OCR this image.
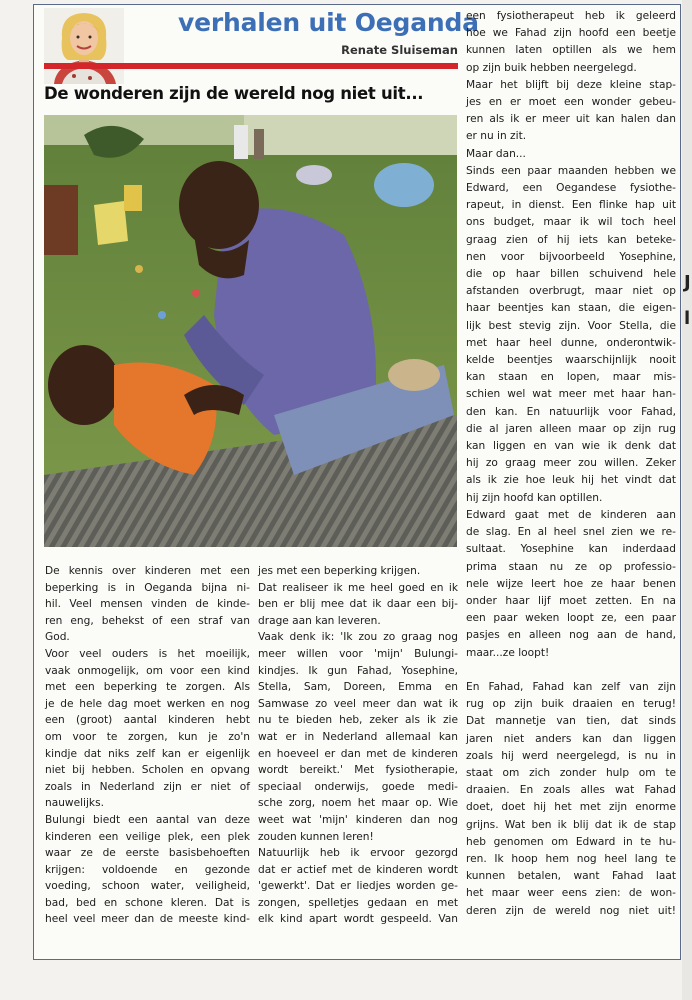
J
l
verhalen uit Oeganda
Renate Sluiseman
De wonderen zijn de wereld nog niet uit...

De kennis over kinderen met een

beperking is in Oeganda bijna ni-

hil. Veel mensen vinden de kinde-

ren eng, behekst of een straf van

God.

Voor veel ouders is het moeilijk,

vaak onmogelijk, om voor een kind

met een beperking te zorgen. Als

je de hele dag moet werken en nog

een (groot) aantal kinderen hebt

om voor te zorgen, kun je zo'n

kindje dat niks zelf kan er eigenlijk

niet bij hebben. Scholen en opvang

zoals in Nederland zijn er niet of

nauwelijks.

Bulungi biedt een aantal van deze

kinderen een veilige plek, een plek

waar ze de eerste basisbehoeften

krijgen: voldoende en gezonde

voeding, schoon water, veiligheid,

bad, bed en schone kleren. Dat is

heel veel meer dan de meeste kind-

jes met een beperking krijgen.

Dat realiseer ik me heel goed en ik

ben er blij mee dat ik daar een bij-

drage aan kan leveren.

Vaak denk ik: 'Ik zou zo graag nog

meer willen voor 'mijn' Bulungi-

kindjes. Ik gun Fahad, Yosephine,

Stella, Sam, Doreen, Emma en

Samwase zo veel meer dan wat ik

nu te bieden heb, zeker als ik zie

wat er in Nederland allemaal kan

en hoeveel er dan met de kinderen

wordt bereikt.' Met fysiotherapie,

speciaal onderwijs, goede medi-

sche zorg, noem het maar op. Wie

weet wat 'mijn' kinderen dan nog

zouden kunnen leren!

Natuurlijk heb ik ervoor gezorgd

dat er actief met de kinderen wordt

'gewerkt'. Dat er liedjes worden ge-

zongen, spelletjes gedaan en met

elk kind apart wordt gespeeld. Van

een fysiotherapeut heb ik geleerd

hoe we Fahad zijn hoofd een beetje

kunnen laten optillen als we hem

op zijn buik hebben neergelegd.

Maar het blijft bij deze kleine stap-

jes en er moet een wonder gebeu-

ren als ik er meer uit kan halen dan

er nu in zit.

Maar dan...

Sinds een paar maanden hebben we

Edward, een Oegandese fysiothe-

rapeut, in dienst. Een flinke hap uit

ons budget, maar ik wil toch heel

graag zien of hij iets kan beteke-

nen voor bijvoorbeeld Yosephine,

die op haar billen schuivend hele

afstanden overbrugt, maar niet op

haar beentjes kan staan, die eigen-

lijk best stevig zijn. Voor Stella, die

met haar heel dunne, onderontwik-

kelde beentjes waarschijnlijk nooit

kan staan en lopen, maar mis-

schien wel wat meer met haar han-

den kan. En natuurlijk voor Fahad,

die al jaren alleen maar op zijn rug

kan liggen en van wie ik denk dat

hij zo graag meer zou willen. Zeker

als ik zie hoe leuk hij het vindt dat

hij zijn hoofd kan optillen.

Edward gaat met de kinderen aan

de slag. En al heel snel zien we re-

sultaat. Yosephine kan inderdaad

prima staan nu ze op professio-

nele wijze leert hoe ze haar benen

onder haar lijf moet zetten. En na

een paar weken loopt ze, een paar

pasjes en alleen nog aan de hand,

maar...ze loopt!

En Fahad, Fahad kan zelf van zijn

rug op zijn buik draaien en terug!

Dat mannetje van tien, dat sinds

jaren niet anders kan dan liggen

zoals hij werd neergelegd, is nu in

staat om zich zonder hulp om te

draaien. En zoals alles wat Fahad

doet, doet hij het met zijn enorme

grijns. Wat ben ik blij dat ik de stap

heb genomen om Edward in te hu-

ren. Ik hoop hem nog heel lang te

kunnen betalen, want Fahad laat

het maar weer eens zien: de won-

deren zijn de wereld nog niet uit!
